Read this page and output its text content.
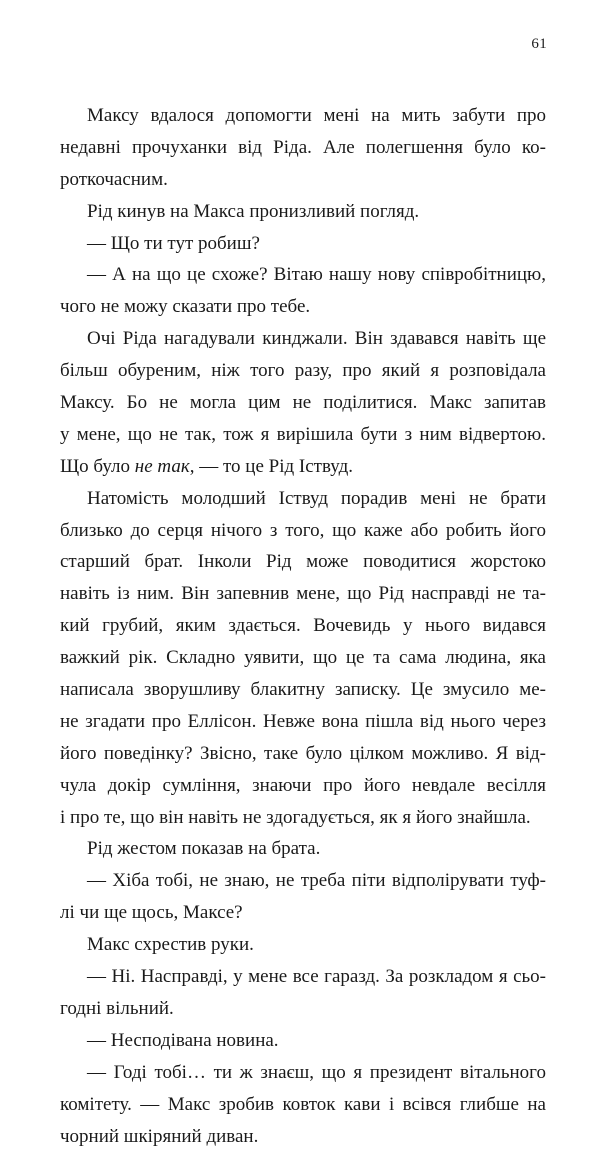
61
Максу вдалося допомогти мені на мить забути про
недавні прочуханки від Ріда. Але полегшення було ко-
роткочасним.
Рід кинув на Макса пронизливий погляд.
— Що ти тут робиш?
— А на що це схоже? Вітаю нашу нову співробітницю,
чого не можу сказати про тебе.
Очі Ріда нагадували кинджали. Він здавався навіть ще
більш обуреним, ніж того разу, про який я розповідала
Максу. Бо не могла цим не поділитися. Макс запитав
у мене, що не так, тож я вирішила бути з ним відвертою.
Що було не так, — то це Рід Іствуд.
Натомість молодший Іствуд порадив мені не брати
близько до серця нічого з того, що каже або робить його
старший брат. Інколи Рід може поводитися жорстоко
навіть із ним. Він запевнив мене, що Рід насправді не та-
кий грубий, яким здається. Вочевидь у нього видався
важкий рік. Складно уявити, що це та сама людина, яка
написала зворушливу блакитну записку. Це змусило ме-
не згадати про Еллісон. Невже вона пішла від нього через
його поведінку? Звісно, таке було цілком можливо. Я від-
чула докір сумління, знаючи про його невдале весілля
і про те, що він навіть не здогадується, як я його знайшла.
Рід жестом показав на брата.
— Хіба тобі, не знаю, не треба піти відполірувати туф-
лі чи ще щось, Максе?
Макс схрестив руки.
— Ні. Насправді, у мене все гаразд. За розкладом я сьо-
годні вільний.
— Несподівана новина.
— Годі тобі… ти ж знаєш, що я президент вітального
комітету. — Макс зробив ковток кави і всівся глибше на
чорний шкіряний диван.
